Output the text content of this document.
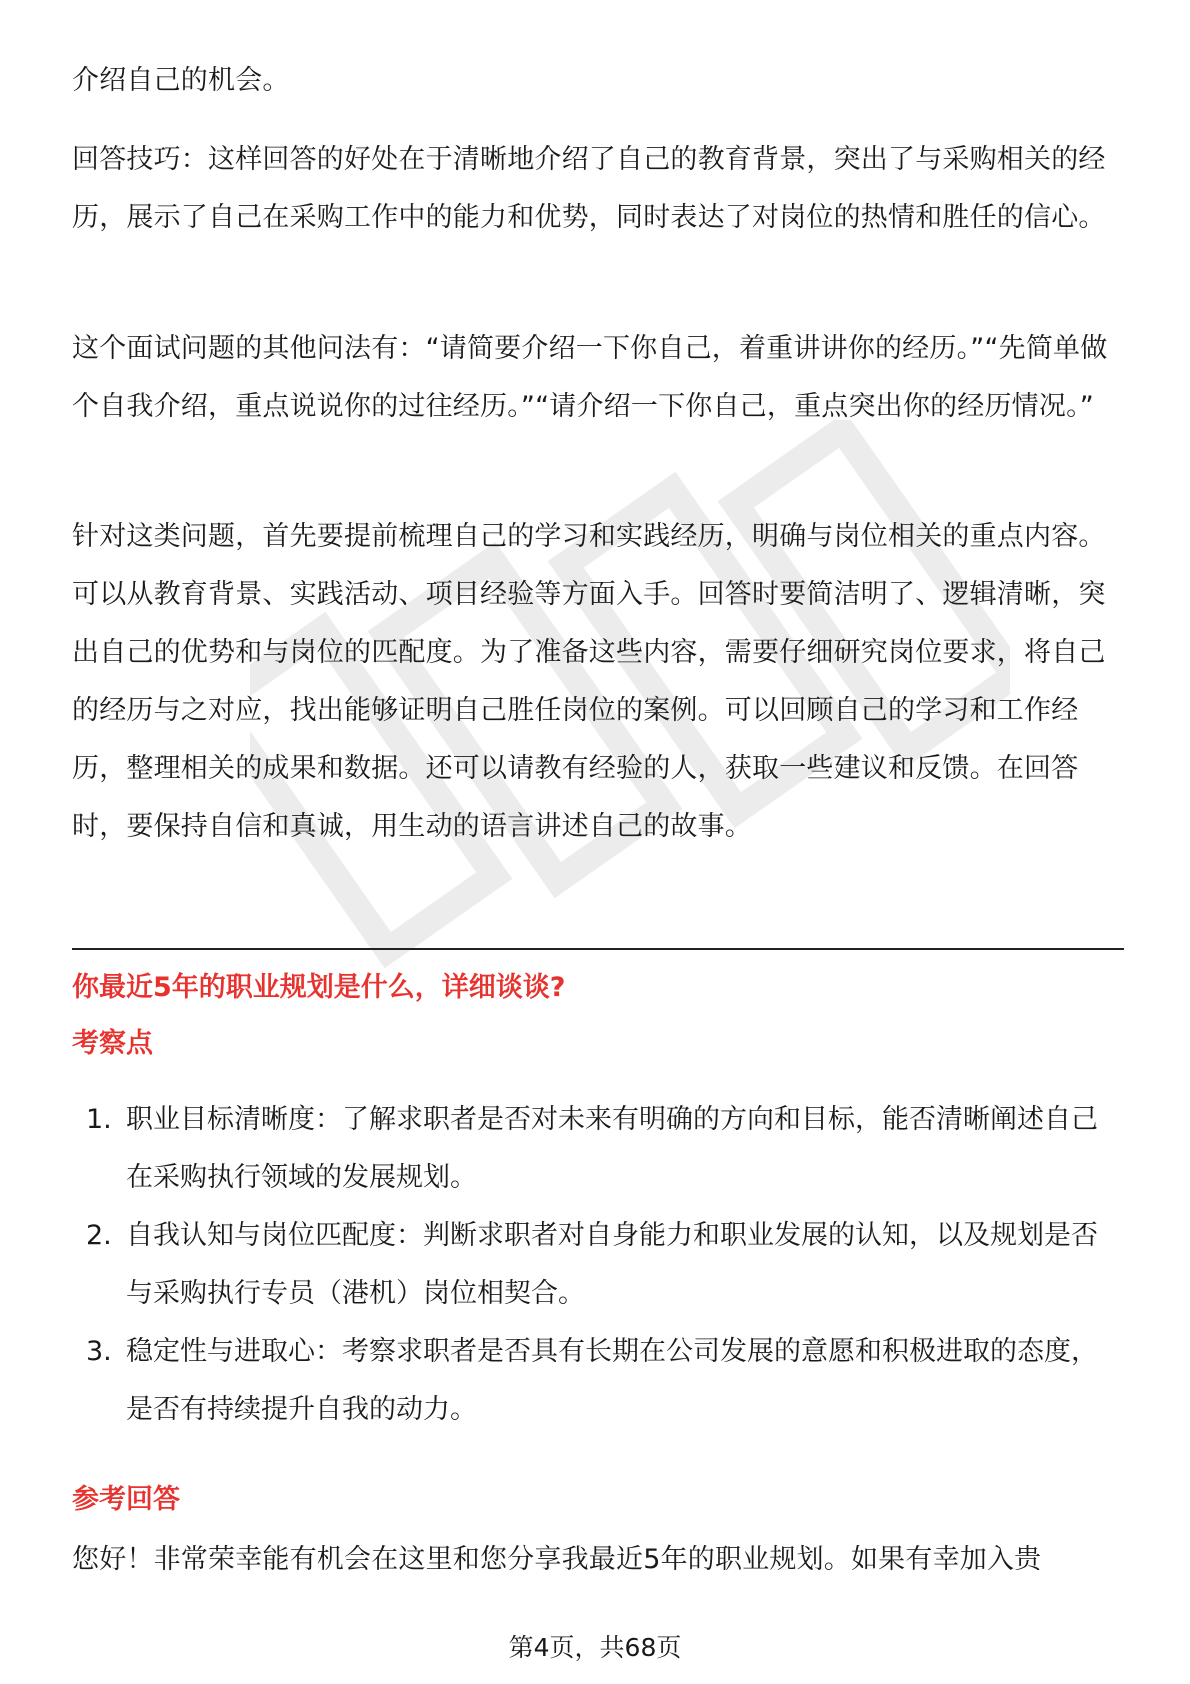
介绍自己的机会。

回答技巧：这样回答的好处在于清晰地介绍了自己的教育背景，突出了与采购相关的经历，展示了自己在采购工作中的能力和优势，同时表达了对岗位的热情和胜任的信心。

这个面试问题的其他问法有：“请简要介绍一下你自己，着重讲讲你的经历。”“先简单做个自我介绍，重点说说你的过往经历。”“请介绍一下你自己，重点突出你的经历情况。”

针对这类问题，首先要提前梳理自己的学习和实践经历，明确与岗位相关的重点内容。可以从教育背景、实践活动、项目经验等方面入手。回答时要简洁明了、逻辑清晰，突出自己的优势和与岗位的匹配度。为了准备这些内容，需要仔细研究岗位要求，将自己的经历与之对应，找出能够证明自己胜任岗位的案例。可以回顾自己的学习和工作经历，整理相关的成果和数据。还可以请教有经验的人，获取一些建议和反馈。在回答时，要保持自信和真诚，用生动的语言讲述自己的故事。

你最近5年的职业规划是什么，详细谈谈?
考察点
1. 职业目标清晰度：了解求职者是否对未来有明确的方向和目标，能否清晰阐述自己在采购执行领域的发展规划。
2. 自我认知与岗位匹配度：判断求职者对自身能力和职业发展的认知，以及规划是否与采购执行专员（港机）岗位相契合。
3. 稳定性与进取心：考察求职者是否具有长期在公司发展的意愿和积极进取的态度，是否有持续提升自我的动力。
参考回答

您好！非常荣幸能有机会在这里和您分享我最近5年的职业规划。如果有幸加入贵

第4页，共68页
